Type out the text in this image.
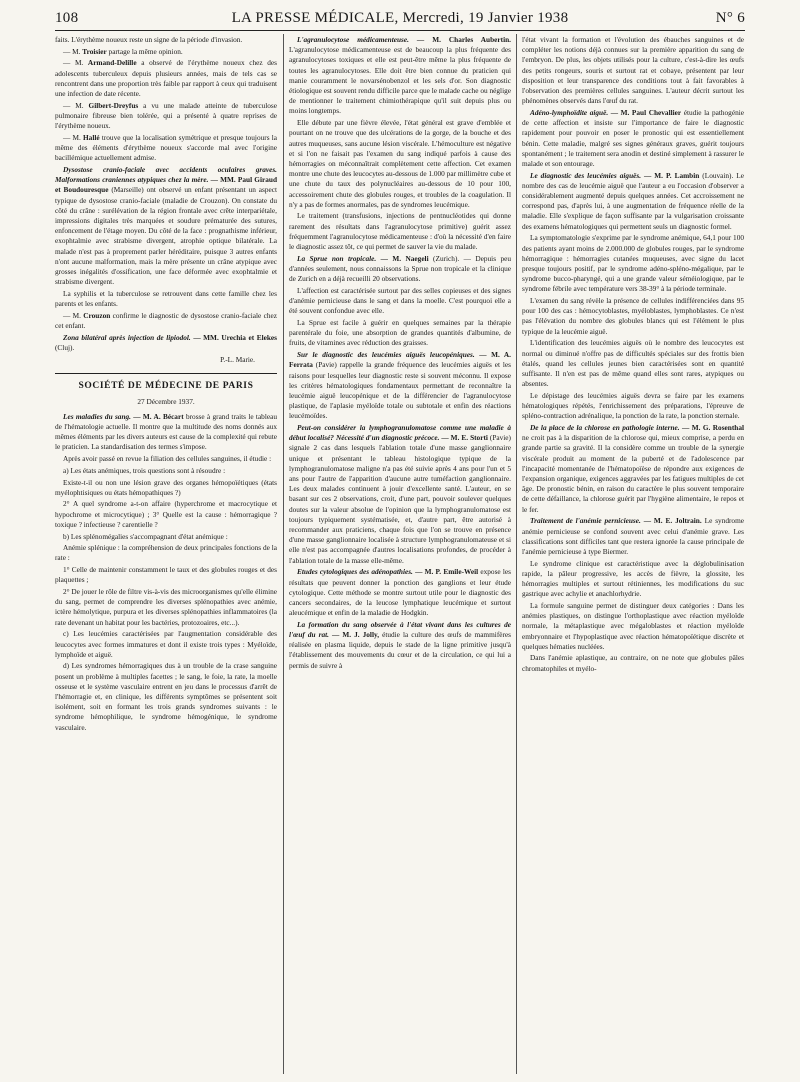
108	LA PRESSE MÉDICALE, Mercredi, 19 Janvier 1938	N° 6

faits. L'érythème noueux reste un signe de la période d'invasion.

— M. Troisier partage la même opinion.

— M. Armand-Delille a observé de l'érythème noueux chez des adolescents tuberculeux depuis plusieurs années, mais de tels cas se rencontrent dans une proportion très faible par rapport à ceux qui traduisent une infection de date récente.

— M. Gilbert-Dreyfus a vu une malade atteinte de tuberculose pulmonaire fibreuse bien tolérée, qui a présenté à quatre reprises de l'érythème noueux.

— M. Hallé trouve que la localisation symétrique et presque toujours la même des éléments d'érythème noueux s'accorde mal avec l'origine bacillémique actuellement admise.

Dysostose cranio-faciale avec accidents oculaires graves. Malformations craniennes atypiques chez la mère. — MM. Paul Giraud et Boudouresque (Marseille) ont observé un enfant présentant un aspect typique de dysostose cranio-faciale (maladie de Crouzon). On constate du côté du crâne : surélévation de la région frontale avec crête interpariétale, impressions digitales très marquées et soudure prématurée des sutures, enfoncement de l'étage moyen. Du côté de la face : prognathisme inférieur, exophtalmie avec strabisme divergent, atrophie optique bilatérale. La malade n'est pas à proprement parler héréditaire, puisque 3 autres enfants n'ont aucune malformation, mais la mère présente un crâne atypique avec grosses inégalités d'ossification, une face déformée avec exophtalmie et strabisme divergent.

La syphilis et la tuberculose se retrouvent dans cette famille chez les parents et les enfants.

— M. Crouzon confirme le diagnostic de dysostose cranio-faciale chez cet enfant.

Zona bilatéral après injection de lipiodol. — MM. Urechia et Elekes (Cluj).

P.-L. Marie.
SOCIÉTÉ DE MÉDECINE DE PARIS

27 Décembre 1937.

Les maladies du sang. — M. A. Bécart brosse à grand traits le tableau de l'hématologie actuelle. Il montre que la multitude des noms donnés aux mêmes éléments par les divers auteurs est cause de la complexité qui rebute le praticien. La standardisation des termes s'impose.

Après avoir passé en revue la filiation des cellules sanguines, il étudie :

a) Les états anémiques, trois questions sont à résoudre :

Existe-t-il ou non une lésion grave des organes hémopoïétiques (états myélophtisiques ou états hémopathiques ?)

2° A quel syndrome a-t-on affaire (hyperchrome et macrocytique et hypochrome et microcytique) ; 3° Quelle est la cause : hémorragique ? toxique ? infectieuse ? carentielle ?

b) Les splénomégalies s'accompagnant d'état anémique :

Anémie splénique : la compréhension de deux principales fonctions de la rate :

1° Celle de maintenir constamment le taux et des globules rouges et des plaquettes ;

2° De jouer le rôle de filtre vis-à-vis des microorganismes qu'elle élimine du sang, permet de comprendre les diverses splénopathies avec anémie, ictère hémolytique, purpura et les diverses splénopathies inflammatoires (la rate devenant un habitat pour les bactéries, protozoaires, etc...).

c) Les leucémies caractérisées par l'augmentation considérable des leucocytes avec formes immatures et dont il existe trois types : Myéloïde, lymphoïde et aiguë.

d) Les syndromes hémorragiques dus à un trouble de la crase sanguine posent un problème à multiples facettes ; le sang, le foie, la rate, la moelle osseuse et le système vasculaire entrent en jeu dans le processus d'arrêt de l'hémorragie et, en clinique, les différents symptômes se présentent soit isolément, soit en formant les trois grands syndromes suivants : le syndrome hémophilique, le syndrome hémogénique, le syndrome vasculaire.

L'agranulocytose médicamenteuse. — M. Charles Aubertin. L'agranulocytose médicamenteuse est de beaucoup la plus fréquente des agranulocytoses toxiques et elle est peut-être même la plus fréquente de toutes les agranulocytoses. Elle doit être bien connue du praticien qui manie couramment le novarsénobenzol et les sels d'or. Son diagnostic étiologique est souvent rendu difficile parce que le malade cache ou néglige de mentionner le traitement chimiothérapique qu'il suit depuis plus ou moins longtemps.

Elle débute par une fièvre élevée, l'état général est grave d'emblée et pourtant on ne trouve que des ulcérations de la gorge, de la bouche et des autres muqueuses, sans aucune lésion viscérale. L'hémoculture est négative et si l'on ne faisait pas l'examen du sang indiqué parfois à cause des hémorragies on méconnaîtrait complètement cette affection. Cet examen montre une chute des leucocytes au-dessous de 1.000 par millimètre cube et une chute du taux des polynucléaires au-dessous de 10 pour 100, accessoirement chute des globules rouges, et troubles de la coagulation. Il n'y a pas de formes anormales, pas de syndromes leucémique.

Le traitement (transfusions, injections de pentnucléotides qui donne rarement des résultats dans l'agranulocytose primitive) guérit assez fréquemment l'agranulocytose médicamenteuse : d'où la nécessité d'en faire le diagnostic assez tôt, ce qui permet de sauver la vie du malade.

La Sprue non tropicale. — M. Naegeli (Zurich). — Depuis peu d'années seulement, nous connaissons la Sprue non tropicale et la clinique de Zurich en a déjà recueilli 20 observations.

L'affection est caractérisée surtout par des selles copieuses et des signes d'anémie pernicieuse dans le sang et dans la moelle. C'est pourquoi elle a été souvent confondue avec elle.

La Sprue est facile à guérir en quelques semaines par la thérapie parentérale du foie, une absorption de grandes quantités d'albumine, de fruits, de vitamines avec réduction des graisses.

Sur le diagnostic des leucémies aiguës leucopéniques. — M. A. Ferrata (Pavie) rappelle la grande fréquence des leucémies aiguës et les raisons pour lesquelles leur diagnostic reste si souvent méconnu. Il expose les critères hématologiques fondamentaux permettant de reconnaître la leucémie aiguë leucopénique et de la différencier de l'agranulocytose plastique, de l'aplasie myéloïde totale ou subtotale et enfin des réactions leucémoïdes.

Peut-on considérer la lymphogranulomatose comme une maladie à début localisé? Nécessité d'un diagnostic précoce. — M. E. Storti (Pavie) signale 2 cas dans lesquels l'ablation totale d'une masse ganglionnaire unique et présentant le tableau histologique typique de la lymphogranulomatose maligne n'a pas été suivie après 4 ans pour l'un et 5 ans pour l'autre de l'apparition d'aucune autre tuméfaction ganglionnaire. Les deux malades continuent à jouir d'excellente santé. L'auteur, en se basant sur ces 2 observations, croit, d'une part, pouvoir soulever quelques doutes sur la valeur absolue de l'opinion que la lymphogranulomatose est toujours typiquement systématisée, et, d'autre part, être autorisé à recommander aux praticiens, chaque fois que l'on se trouve en présence d'une masse ganglionnaire localisée à structure lymphogranulomateuse et si elle n'est pas accompagnée d'autres localisations profondes, de procéder à l'ablation totale de la masse elle-même.

Etudes cytologiques des adénopathies. — M. P. Emile-Weil expose les résultats que peuvent donner la ponction des ganglions et leur étude cytologique. Cette méthode se montre surtout utile pour le diagnostic des cancers secondaires, de la leucose lymphatique leucémique et surtout aleucémique et enfin de la maladie de Hodgkin.

La formation du sang observée à l'état vivant dans les cultures de l'œuf du rat. — M. J. Jolly, étudie la culture des œufs de mammifères réalisée en plasma liquide, depuis le stade de la ligne primitive jusqu'à l'établissement des mouvements du cœur et de la circulation, ce qui lui a permis de suivre à

l'état vivant la formation et l'évolution des ébauches sanguines et de compléter les notions déjà connues sur la première apparition du sang de l'embryon. De plus, les objets utilisés pour la culture, c'est-à-dire les œufs des petits rongeurs, souris et surtout rat et cobaye, présentent par leur disposition et leur transparence des conditions tout à fait favorables à l'observation des premières cellules sanguines. L'auteur décrit surtout les phénomènes observés dans l'œuf du rat.

Adéno-lymphoïdite aiguë. — M. Paul Chevallier étudie la pathogénie de cette affection et insiste sur l'importance de faire le diagnostic rapidement pour pouvoir en poser le pronostic qui est essentiellement bénin. Cette maladie, malgré ses signes généraux graves, guérit toujours spontanément ; le traitement sera anodin et destiné simplement à rassurer le malade et son entourage.

Le diagnostic des leucémies aiguës. — M. P. Lambin (Louvain). Le nombre des cas de leucémie aiguë que l'auteur a eu l'occasion d'observer a considérablement augmenté depuis quelques années. Cet accroissement ne correspond pas, d'après lui, à une augmentation de fréquence réelle de la maladie. Elle s'explique de façon suffisante par la vulgarisation croissante des examens hématologiques qui permettent seuls un diagnostic formel.

La symptomatologie s'exprime par le syndrome anémique, 64,1 pour 100 des patients ayant moins de 2.000.000 de globules rouges, par le syndrome hémorragique : hémorragies cutanées muqueuses, avec signe du lacet presque toujours positif, par le syndrome adéno-spléno-mégalique, par le syndrome bucco-pharyngé, qui a une grande valeur séméiologique, par le syndrome fébrile avec température vers 38-39° à la période terminale.

L'examen du sang révèle la présence de cellules indifférenciées dans 95 pour 100 des cas : hémocytoblastes, myéloblastes, lymphoblastes. Ce n'est pas l'élévation du nombre des globules blancs qui est l'élément le plus typique de la leucémie aiguë.

L'identification des leucémies aiguës où le nombre des leucocytes est normal ou diminué n'offre pas de difficultés spéciales sur des frottis bien étalés, quand les cellules jeunes bien caractérisées sont en quantité suffisante. Il n'en est pas de même quand elles sont rares, atypiques ou absentes.

Le dépistage des leucémies aiguës devra se faire par les examens hématologiques répétés, l'enrichissement des préparations, l'épreuve de spléno-contraction adrénalique, la ponction de la rate, la ponction sternale.

De la place de la chlorose en pathologie interne. — M. G. Rosenthal ne croit pas à la disparition de la chlorose qui, mieux comprise, a perdu en grande partie sa gravité. Il la considère comme un trouble de la synergie viscérale produit au moment de la puberté et de l'adolescence par l'incapacité momentanée de l'hématopoïèse de répondre aux exigences de l'expansion organique, exigences aggravées par les fatigues multiples de cet âge. De pronostic bénin, en raison du caractère le plus souvent temporaire de cette défaillance, la chlorose guérit par l'hygiène alimentaire, le repos et le fer.

Traitement de l'anémie pernicieuse. — M. E. Joltrain. Le syndrome anémie pernicieuse se confond souvent avec celui d'anémie grave. Les classifications sont difficiles tant que restera ignorée la cause principale de l'anémie pernicieuse à type Biermer.

Le syndrome clinique est caractéristique avec la déglobulinisation rapide, la pâleur progressive, les accès de fièvre, la glossite, les hémorragies multiples et surtout rétiniennes, les modifications du suc gastrique avec achylie et anachlorhydrie.

La formule sanguine permet de distinguer deux catégories : Dans les anémies plastiques, on distingue l'orthoplastique avec réaction myéloïde normale, la métaplastique avec mégaloblastes et réaction myéloïde embryonnaire et l'hypoplastique avec réaction hématopoïétique discrète et quelques hématies nucléées.

Dans l'anémie aplastique, au contraire, on ne note que globules pâles chromatophiles et myélo-
